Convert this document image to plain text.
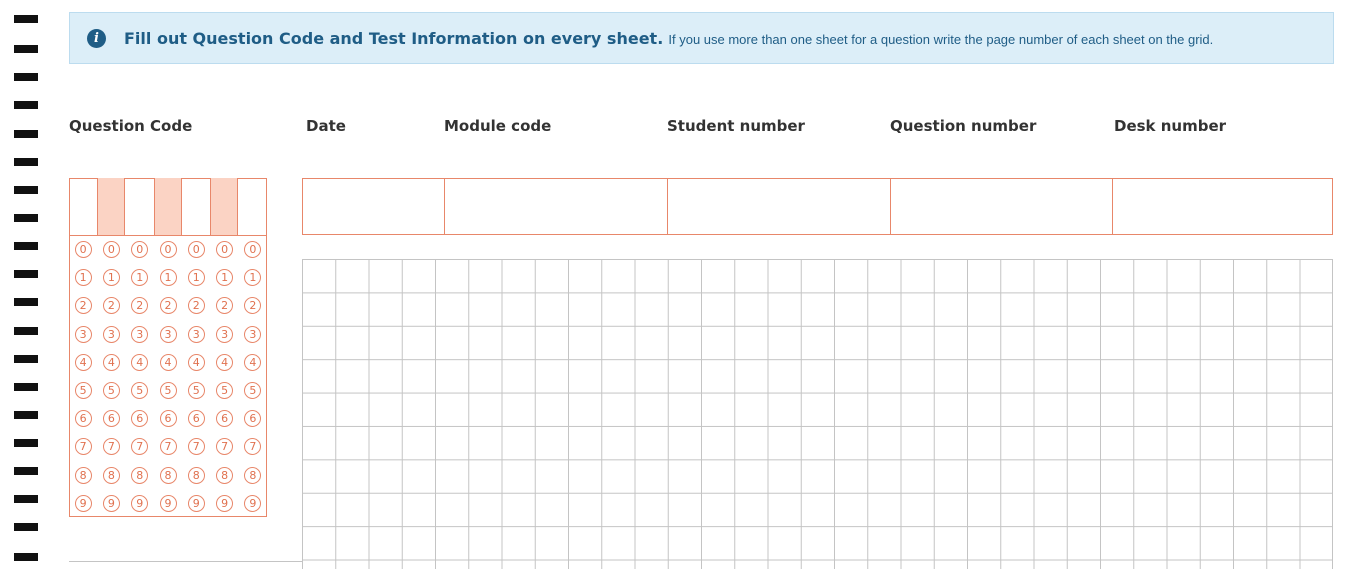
i	Fill out Question Code and Test Information on every sheet. If you use more than one sheet for a question write the page number of each sheet on the grid.
Question Code	Date	Module code	Student number	Question number	Desk number
0	0	0	0	0	0	0
1	1	1	1	1	1	1
2	2	2	2	2	2	2
3	3	3	3	3	3	3
4	4	4	4	4	4	4
5	5	5	5	5	5	5
6	6	6	6	6	6	6
7	7	7	7	7	7	7
8	8	8	8	8	8	8
9	9	9	9	9	9	9
